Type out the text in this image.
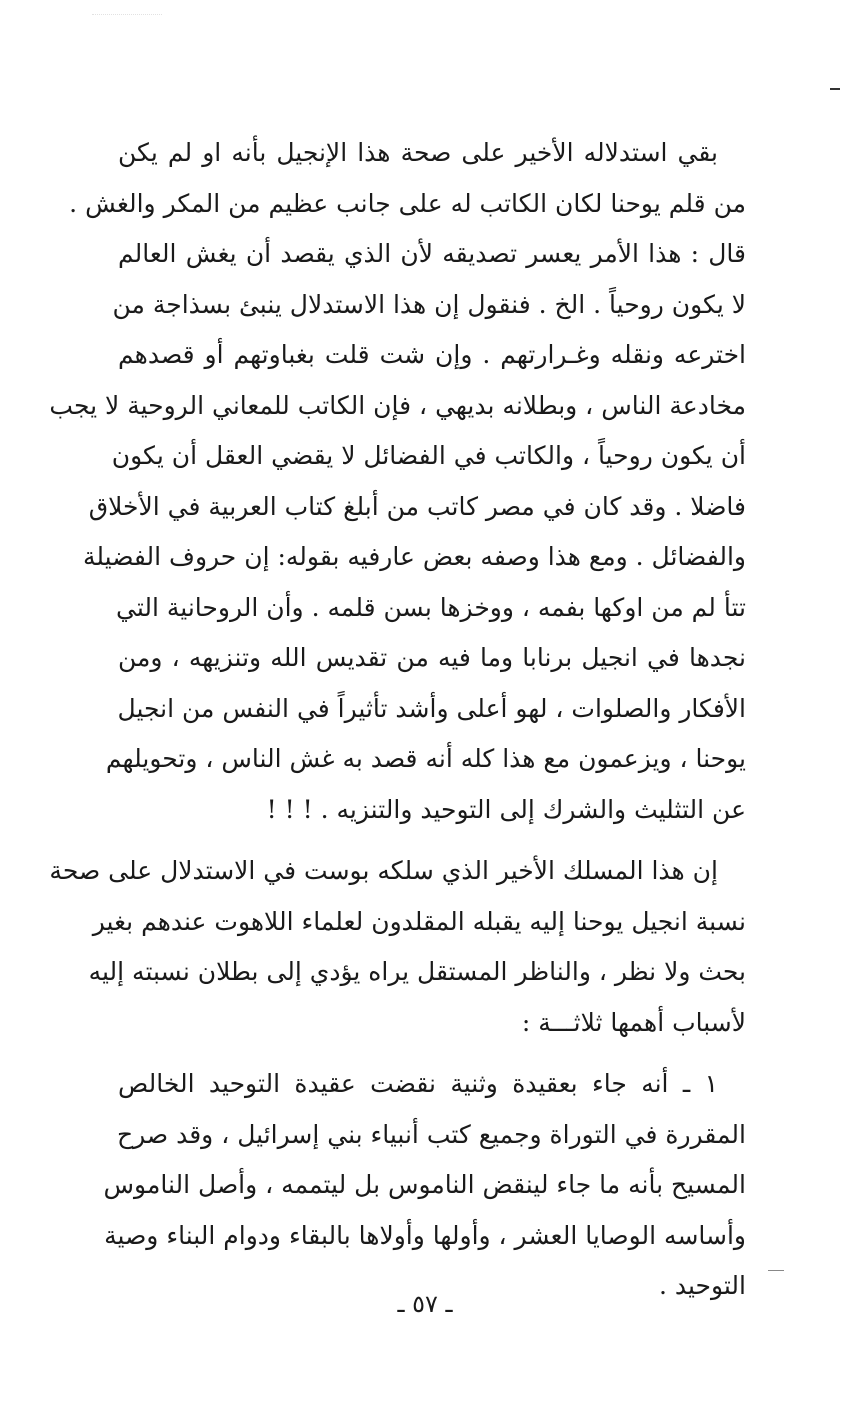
بقي استدلاله الأخير على صحة هذا الإنجيل بأنه او لم يكن
من قلم يوحنا لكان الكاتب له على جانب عظيم من المكر والغش .
قال : هذا الأمر يعسر تصديقه لأن الذي يقصد أن يغش العالم
لا يكون روحياً . الخ . فنقول إن هذا الاستدلال ينبئ بسذاجة من
اخترعه ونقله وغـرارتهم . وإن شت قلت بغباوتهم أو قصدهم
مخادعة الناس ، وبطلانه بديهي ، فإن الكاتب للمعاني الروحية لا يجب
أن يكون روحياً ، والكاتب في الفضائل لا يقضي العقل أن يكون
فاضلا . وقد كان في مصر كاتب من أبلغ كتاب العربية في الأخلاق
والفضائل . ومع هذا وصفه بعض عارفيه بقوله: إن حروف الفضيلة
تتأ لم من اوكها بفمه ، ووخزها بسن قلمه . وأن الروحانية التي
نجدها في انجيل برنابا وما فيه من تقديس الله وتنزيهه ، ومن
الأفكار والصلوات ، لهو أعلى وأشد تأثيراً في النفس من انجيل
يوحنا ، ويزعمون مع هذا كله أنه قصد به غش الناس ، وتحويلهم
عن التثليث والشرك إلى التوحيد والتنزيه . ! ! !

إن هذا المسلك الأخير الذي سلكه بوست في الاستدلال على صحة
نسبة انجيل يوحنا إليه يقبله المقلدون لعلماء اللاهوت عندهم بغير
بحث ولا نظر ، والناظر المستقل يراه يؤدي إلى بطلان نسبته إليه
لأسباب أهمها ثلاثـــة :

١ ـ أنه جاء بعقيدة وثنية نقضت عقيدة التوحيد الخالص
المقررة في التوراة وجميع كتب أنبياء بني إسرائيل ، وقد صرح
المسيح بأنه ما جاء لينقض الناموس بل ليتممه ، وأصل الناموس
وأساسه الوصايا العشر ، وأولها وأولاها بالبقاء ودوام البناء وصية
التوحيد .

ـ ٥٧ ـ
